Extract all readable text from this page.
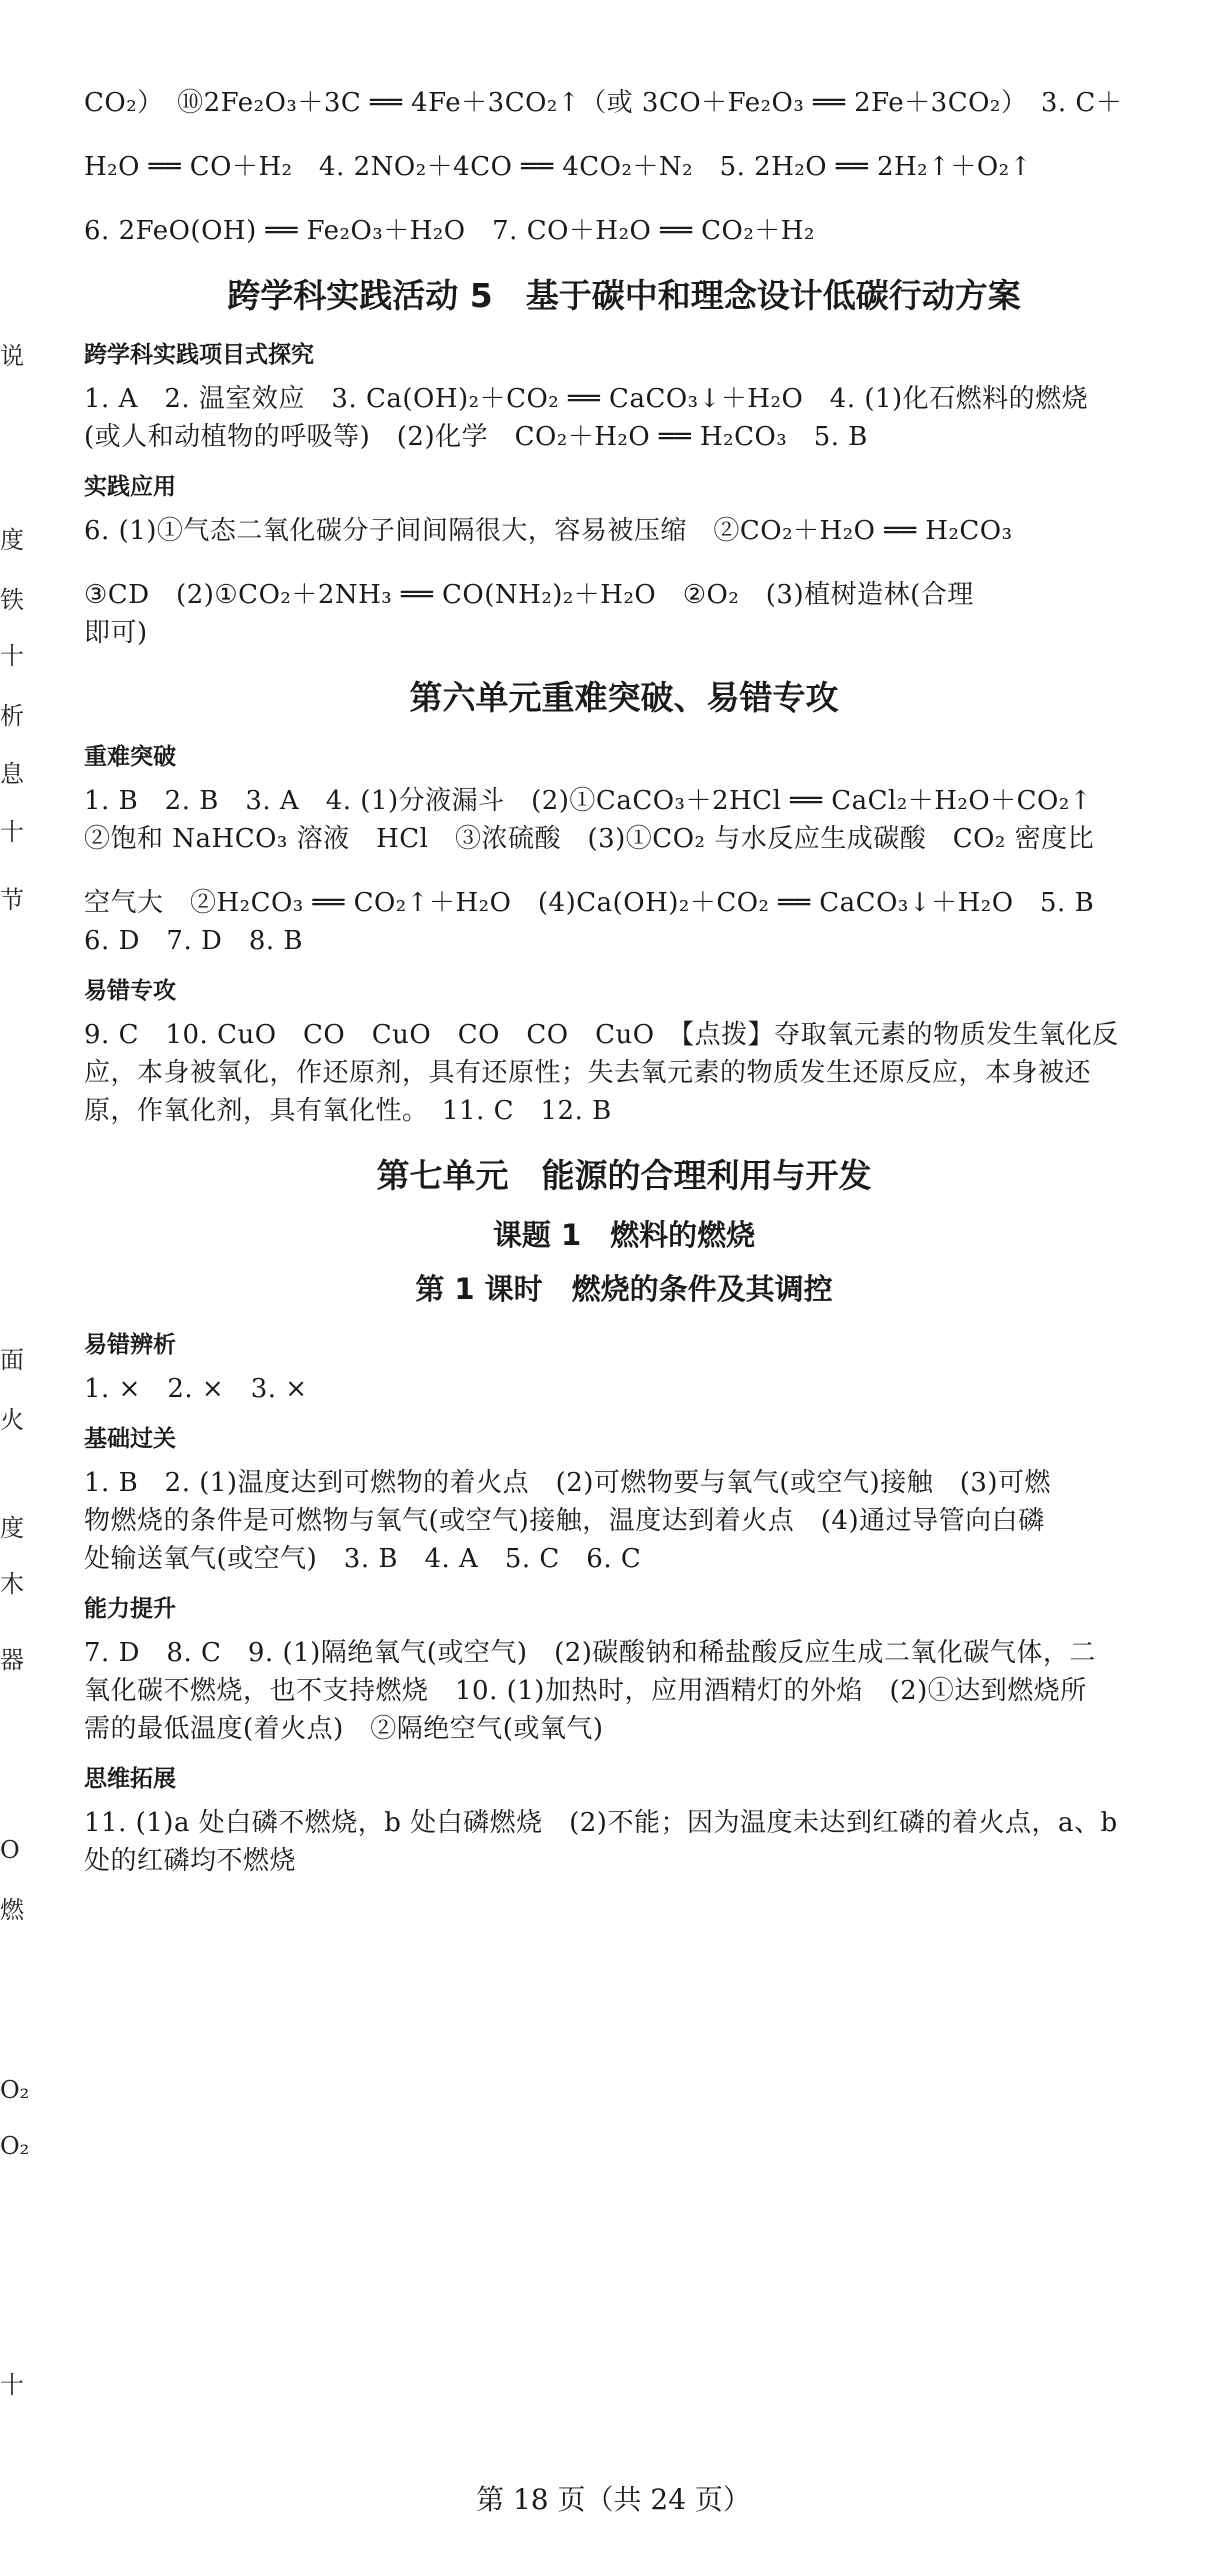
说
度
铁
十
析
息
十
节
面
火
度
木
器
O
燃
O₂
O₂
十
CO₂）　⑩2Fe₂O₃＋3C ══ 4Fe＋3CO₂↑（或 3CO＋Fe₂O₃ ══ 2Fe＋3CO₂）　3. C＋
H₂O ══ CO＋H₂　4. 2NO₂＋4CO ══ 4CO₂＋N₂　5. 2H₂O ══ 2H₂↑＋O₂↑
6. 2FeO(OH) ══ Fe₂O₃＋H₂O　7. CO＋H₂O ══ CO₂＋H₂
跨学科实践活动 5　基于碳中和理念设计低碳行动方案
跨学科实践项目式探究
1. A　2. 温室效应　3. Ca(OH)₂＋CO₂ ══ CaCO₃↓＋H₂O　4. (1)化石燃料的燃烧
(或人和动植物的呼吸等)　(2)化学　CO₂＋H₂O ══ H₂CO₃　5. B
实践应用
6. (1)①气态二氧化碳分子间间隔很大，容易被压缩　②CO₂＋H₂O ══ H₂CO₃
③CD　(2)①CO₂＋2NH₃ ══ CO(NH₂)₂＋H₂O　②O₂　(3)植树造林(合理
即可)
第六单元重难突破、易错专攻
重难突破
1. B　2. B　3. A　4. (1)分液漏斗　(2)①CaCO₃＋2HCl ══ CaCl₂＋H₂O＋CO₂↑
②饱和 NaHCO₃ 溶液　HCl　③浓硫酸　(3)①CO₂ 与水反应生成碳酸　CO₂ 密度比
空气大　②H₂CO₃ ══ CO₂↑＋H₂O　(4)Ca(OH)₂＋CO₂ ══ CaCO₃↓＋H₂O　5. B
6. D　7. D　8. B
易错专攻
9. C　10. CuO　CO　CuO　CO　CO　CuO　【点拨】夺取氧元素的物质发生氧化反
应，本身被氧化，作还原剂，具有还原性；失去氧元素的物质发生还原反应，本身被还
原，作氧化剂，具有氧化性。　11. C　12. B
第七单元　能源的合理利用与开发
课题 1　燃料的燃烧
第 1 课时　燃烧的条件及其调控
易错辨析
1. ×　2. ×　3. ×
基础过关
1. B　2. (1)温度达到可燃物的着火点　(2)可燃物要与氧气(或空气)接触　(3)可燃
物燃烧的条件是可燃物与氧气(或空气)接触，温度达到着火点　(4)通过导管向白磷
处输送氧气(或空气)　3. B　4. A　5. C　6. C
能力提升
7. D　8. C　9. (1)隔绝氧气(或空气)　(2)碳酸钠和稀盐酸反应生成二氧化碳气体，二
氧化碳不燃烧，也不支持燃烧　10. (1)加热时，应用酒精灯的外焰　(2)①达到燃烧所
需的最低温度(着火点)　②隔绝空气(或氧气)
思维拓展
11. (1)a 处白磷不燃烧，b 处白磷燃烧　(2)不能；因为温度未达到红磷的着火点，a、b
处的红磷均不燃烧
第 18 页（共 24 页）
